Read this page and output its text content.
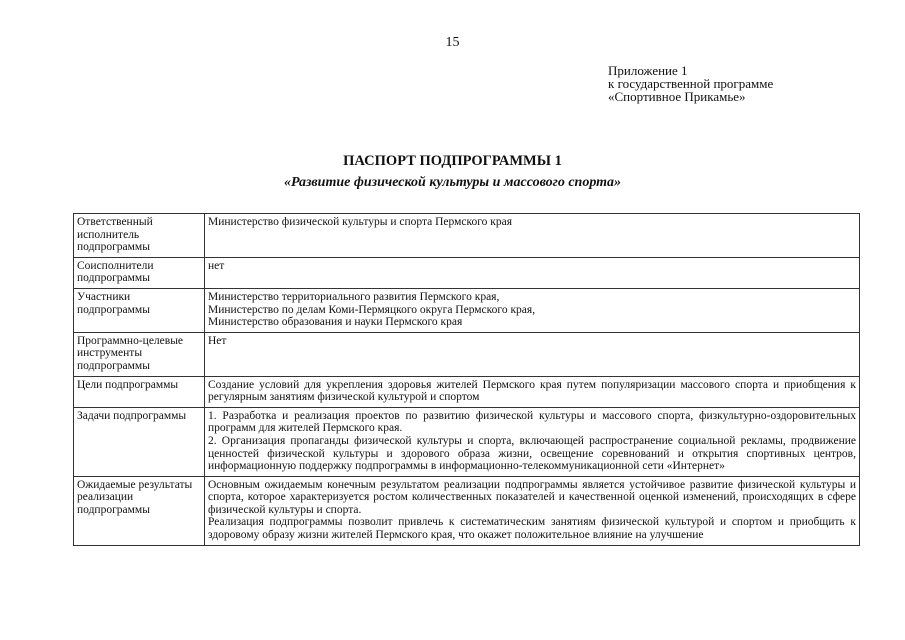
15
Приложение 1
к государственной программе
«Спортивное Прикамье»
ПАСПОРТ ПОДПРОГРАММЫ 1
«Развитие физической культуры и массового спорта»
Ответственный исполнитель подпрограммы	Министерство физической культуры и спорта Пермского края

Соисполнители подпрограммы	нет

Участники подпрограммы	Министерство территориального развития Пермского края,
Министерство по делам Коми-Пермяцкого округа Пермского края,
Министерство образования и науки Пермского края

Программно-целевые инструменты подпрограммы	Нет

Цели подпрограммы	Создание условий для укрепления здоровья жителей Пермского края путем популяризации массового спорта и приобщения к регулярным занятиям физической культурой и спортом

Задачи подпрограммы	1. Разработка и реализация проектов по развитию физической культуры и массового спорта, физкультурно-оздоровительных программ для жителей Пермского края.
2. Организация пропаганды физической культуры и спорта, включающей распространение социальной рекламы, продвижение ценностей физической культуры и здорового образа жизни, освещение соревнований и открытия спортивных центров, информационную поддержку подпрограммы в информационно-телекоммуникационной сети «Интернет»

Ожидаемые результаты реализации подпрограммы	Основным ожидаемым конечным результатом реализации подпрограммы является устойчивое развитие физической культуры и спорта, которое характеризуется ростом количественных показателей и качественной оценкой изменений, происходящих в сфере физической культуры и спорта.
Реализация подпрограммы позволит привлечь к систематическим занятиям физической культурой и спортом и приобщить к здоровому образу жизни жителей Пермского края, что окажет положительное влияние на улучшение
